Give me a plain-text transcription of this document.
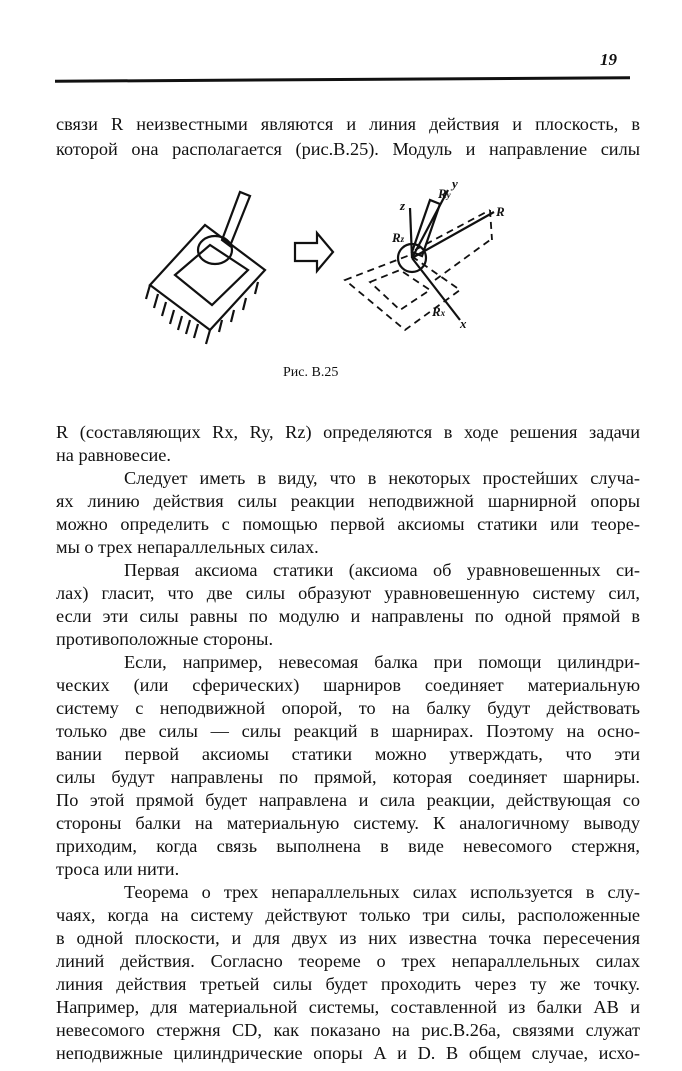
19
связи R неизвестными являются и линия действия и плоскость, в
которой она располагается (рис.В.25). Модуль и направление силы
z
y
R
Rz
Ry
Rx
x
Рис. В.25
R (составляющих Rx, Ry, Rz) определяются в ходе решения задачи
на равновесие.
Следует иметь в виду, что в некоторых простейших случа-
ях линию действия силы реакции неподвижной шарнирной опоры
можно определить с помощью первой аксиомы статики или теоре-
мы о трех непараллельных силах.
Первая аксиома статики (аксиома об уравновешенных си-
лах) гласит, что две силы образуют уравновешенную систему сил,
если эти силы равны по модулю и направлены по одной прямой в
противоположные стороны.
Если, например, невесомая балка при помощи цилиндри-
ческих (или сферических) шарниров соединяет материальную
систему с неподвижной опорой, то на балку будут действовать
только две силы — силы реакций в шарнирах. Поэтому на осно-
вании первой аксиомы статики можно утверждать, что эти
силы будут направлены по прямой, которая соединяет шарниры.
По этой прямой будет направлена и сила реакции, действующая со
стороны балки на материальную систему. К аналогичному выводу
приходим, когда связь выполнена в виде невесомого стержня,
троса или нити.
Теорема о трех непараллельных силах используется в слу-
чаях, когда на систему действуют только три силы, расположенные
в одной плоскости, и для двух из них известна точка пересечения
линий действия. Согласно теореме о трех непараллельных силах
линия действия третьей силы будет проходить через ту же точку.
Например, для материальной системы, составленной из балки АВ и
невесомого стержня CD, как показано на рис.В.26а, связями служат
неподвижные цилиндрические опоры А и D. В общем случае, исхо-
